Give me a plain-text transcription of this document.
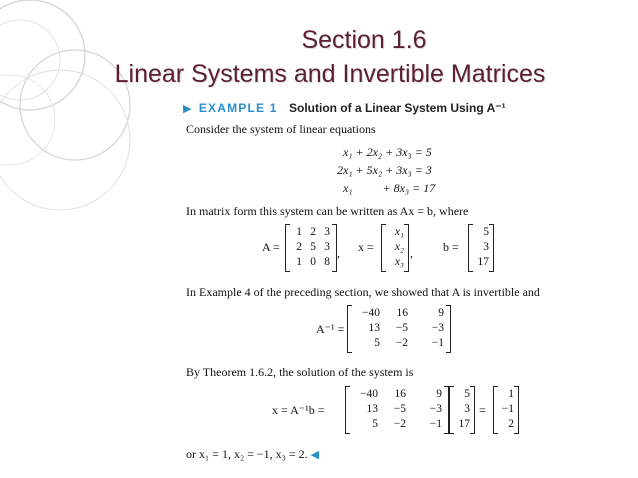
Section 1.6
Linear Systems and Invertible Matrices
▶ EXAMPLE 1 Solution of a Linear System Using A⁻¹
Consider the system of linear equations
x₁ + 2x₂ + 3x₃ = 5
2x₁ + 5x₂ + 3x₃ = 3
x₁          + 8x₃ = 17
In matrix form this system can be written as Ax = b, where
A =
1 2 3
2 5 3
1 0 8
, x =
x₁
x₂
x₃
,	b =
5
3
17
In Example 4 of the preceding section, we showed that A is invertible and
A⁻¹ =
−40	16	9
13	−5	−3
5	−2	−1
By Theorem 1.6.2, the solution of the system is
x = A⁻¹b =
−40	16	9
13	−5	−3
5	−2	−1
5
3
17
=
1
−1
2
or x₁ = 1, x₂ = −1, x₃ = 2. ◀
